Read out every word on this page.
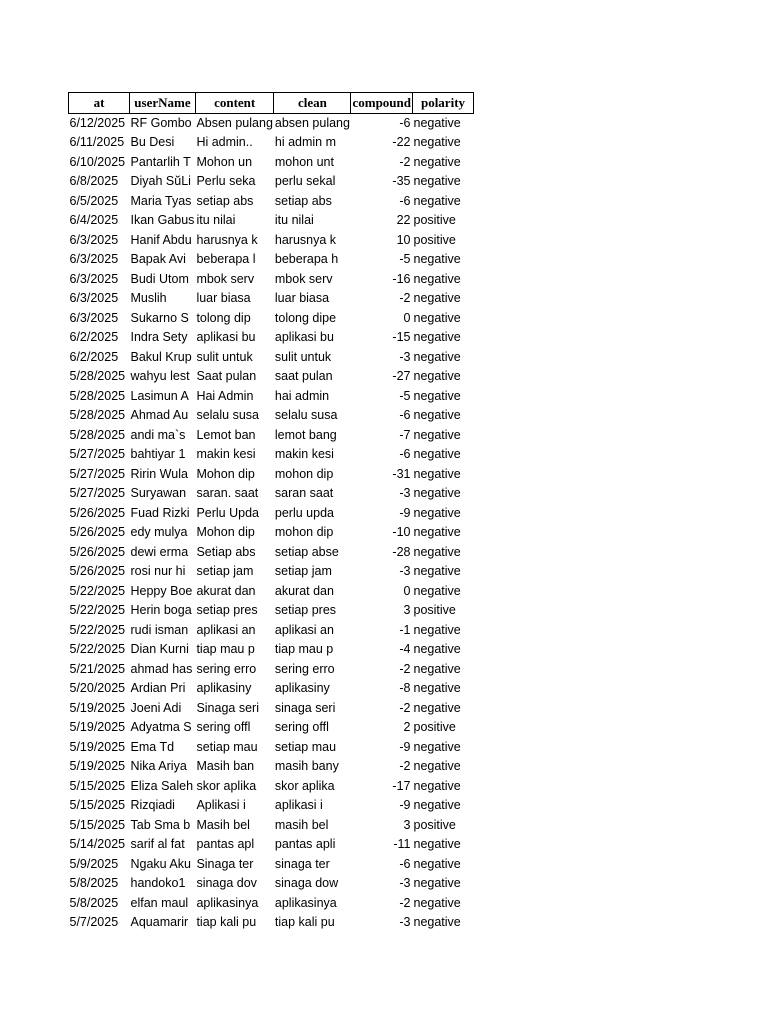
at	userName	content	clean	compound	polarity
6/12/2025	RF Gombo	Absen pulang	absen pulang	-6	negative
6/11/2025	Bu Desi	Hi admin..	hi admin m	-22	negative
6/10/2025	Pantarlih T	Mohon un	mohon unt	-2	negative
6/8/2025	Diyah SŭLi	Perlu seka	perlu sekal	-35	negative
6/5/2025	Maria Tyas	setiap abs	setiap abs	-6	negative
6/4/2025	Ikan Gabus	itu nilai	itu nilai	22	positive
6/3/2025	Hanif Abdu	harusnya k	harusnya k	10	positive
6/3/2025	Bapak Avi	beberapa l	beberapa h	-5	negative
6/3/2025	Budi Utom	mbok serv	mbok serv	-16	negative
6/3/2025	Muslih	luar biasa	luar biasa	-2	negative
6/3/2025	Sukarno S	tolong dip	tolong dipe	0	negative
6/2/2025	Indra Sety	aplikasi bu	aplikasi bu	-15	negative
6/2/2025	Bakul Krup	sulit untuk	sulit untuk	-3	negative
5/28/2025	wahyu lest	Saat pulan	saat pulan	-27	negative
5/28/2025	Lasimun A	Hai Admin	hai admin	-5	negative
5/28/2025	Ahmad Au	selalu susa	selalu susa	-6	negative
5/28/2025	andi ma`s	Lemot ban	lemot bang	-7	negative
5/27/2025	bahtiyar 1	makin kesi	makin kesi	-6	negative
5/27/2025	Ririn Wula	Mohon dip	mohon dip	-31	negative
5/27/2025	Suryawan	saran. saat	saran saat	-3	negative
5/26/2025	Fuad Rizki	Perlu Upda	perlu upda	-9	negative
5/26/2025	edy mulya	Mohon dip	mohon dip	-10	negative
5/26/2025	dewi erma	Setiap abs	setiap abse	-28	negative
5/26/2025	rosi nur hi	setiap jam	setiap jam	-3	negative
5/22/2025	Heppy Boe	akurat dan	akurat dan	0	negative
5/22/2025	Herin boga	setiap pres	setiap pres	3	positive
5/22/2025	rudi isman	aplikasi an	aplikasi an	-1	negative
5/22/2025	Dian Kurni	tiap mau p	tiap mau p	-4	negative
5/21/2025	ahmad has	sering erro	sering erro	-2	negative
5/20/2025	Ardian Pri	aplikasiny	aplikasiny	-8	negative
5/19/2025	Joeni Adi	Sinaga seri	sinaga seri	-2	negative
5/19/2025	Adyatma S	sering offl	sering offl	2	positive
5/19/2025	Ema Td	setiap mau	setiap mau	-9	negative
5/19/2025	Nika Ariya	Masih ban	masih bany	-2	negative
5/15/2025	Eliza Saleh	skor aplika	skor aplika	-17	negative
5/15/2025	Rizqiadi	Aplikasi i	aplikasi i	-9	negative
5/15/2025	Tab Sma b	Masih bel	masih bel	3	positive
5/14/2025	sarif al fat	pantas apl	pantas apli	-11	negative
5/9/2025	Ngaku Aku	Sinaga ter	sinaga ter	-6	negative
5/8/2025	handoko1	sinaga dov	sinaga dow	-3	negative
5/8/2025	elfan maul	aplikasinya	aplikasinya	-2	negative
5/7/2025	Aquamarir	tiap kali pu	tiap kali pu	-3	negative
